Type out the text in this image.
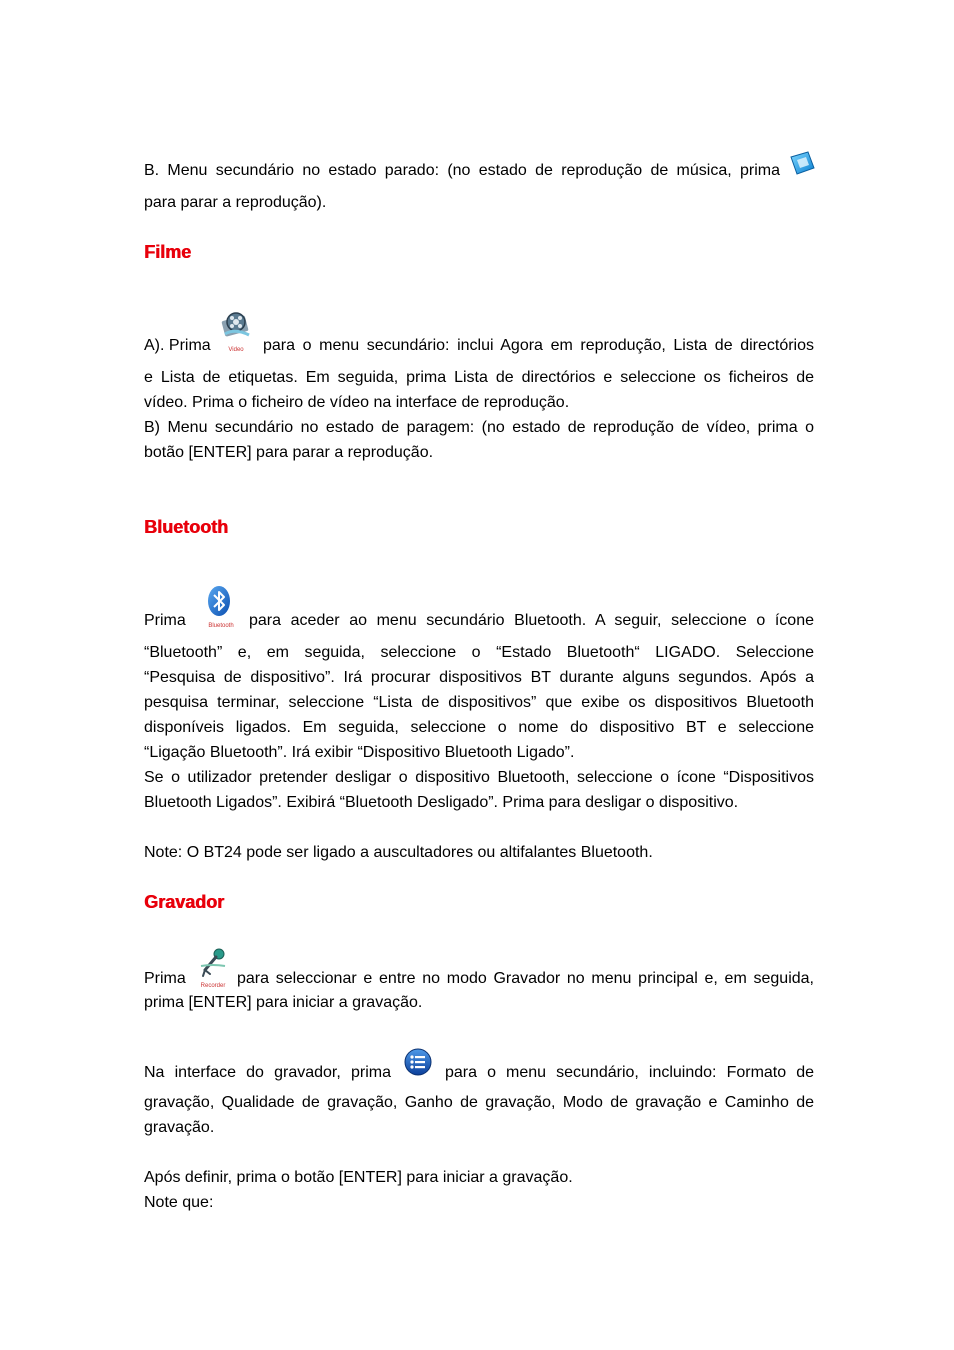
B. Menu secundário no estado parado: (no estado de reprodução de música, prima
para parar a reprodução).
Filme
A). Prima	Video	para o menu secundário: inclui Agora em reprodução, Lista de directórios
e Lista de etiquetas. Em seguida, prima Lista de directórios e seleccione os ficheiros de
vídeo. Prima o ficheiro de vídeo na interface de reprodução.
B) Menu secundário no estado de paragem: (no estado de reprodução de vídeo, prima o
botão [ENTER] para parar a reprodução.
Bluetooth
Prima	Bluetooth para aceder ao menu secundário Bluetooth. A seguir, seleccione o ícone
“Bluetooth” e, em seguida, seleccione o “Estado Bluetooth“ LIGADO. Seleccione
“Pesquisa de dispositivo”. Irá procurar dispositivos BT durante alguns segundos. Após a
pesquisa terminar, seleccione “Lista de dispositivos” que exibe os dispositivos Bluetooth
disponíveis ligados. Em seguida, seleccione o nome do dispositivo BT e seleccione
“Ligação Bluetooth”. Irá exibir “Dispositivo Bluetooth Ligado”.
Se o utilizador pretender desligar o dispositivo Bluetooth, seleccione o ícone “Dispositivos
Bluetooth Ligados”. Exibirá “Bluetooth Desligado”. Prima para desligar o dispositivo.
Note: O BT24 pode ser ligado a auscultadores ou altifalantes Bluetooth.
Gravador
Prima	Recorder para seleccionar e entre no modo Gravador no menu principal e, em seguida,
prima [ENTER] para iniciar a gravação.
Na interface do gravador, prima	para o menu secundário, incluindo: Formato de
gravação, Qualidade de gravação, Ganho de gravação, Modo de gravação e Caminho de
gravação.
Após definir, prima o botão [ENTER] para iniciar a gravação.
Note que:
